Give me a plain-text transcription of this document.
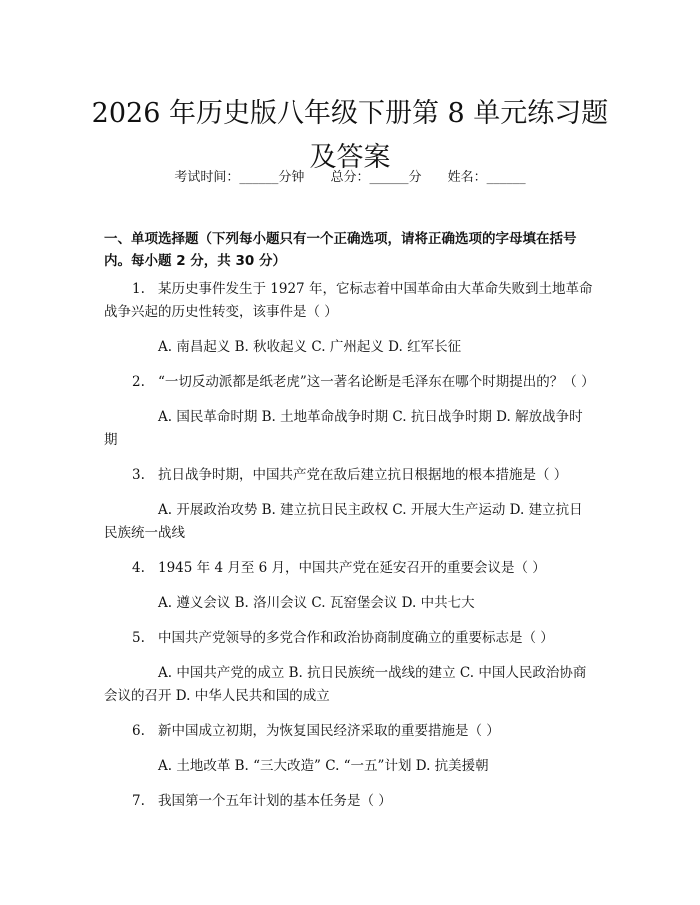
2026 年历史版八年级下册第 8 单元练习题及答案
考试时间：______分钟 总分：______分 姓名：______
一、单项选择题（下列每小题只有一个正确选项，请将正确选项的字母填在括号内。每小题 2 分，共 30 分）

1. 某历史事件发生于 1927 年，它标志着中国革命由大革命失败到土地革命战争兴起的历史性转变，该事件是（ ）

A. 南昌起义 B. 秋收起义 C. 广州起义 D. 红军长征

2. “一切反动派都是纸老虎”这一著名论断是毛泽东在哪个时期提出的？（ ）

A. 国民革命时期 B. 土地革命战争时期 C. 抗日战争时期 D. 解放战争时期

3. 抗日战争时期，中国共产党在敌后建立抗日根据地的根本措施是（ ）

A. 开展政治攻势 B. 建立抗日民主政权 C. 开展大生产运动 D. 建立抗日民族统一战线

4. 1945 年 4 月至 6 月，中国共产党在延安召开的重要会议是（ ）

A. 遵义会议 B. 洛川会议 C. 瓦窑堡会议 D. 中共七大

5. 中国共产党领导的多党合作和政治协商制度确立的重要标志是（ ）

A. 中国共产党的成立 B. 抗日民族统一战线的建立 C. 中国人民政治协商会议的召开 D. 中华人民共和国的成立

6. 新中国成立初期，为恢复国民经济采取的重要措施是（ ）

A. 土地改革 B. “三大改造” C. “一五”计划 D. 抗美援朝

7. 我国第一个五年计划的基本任务是（ ）
